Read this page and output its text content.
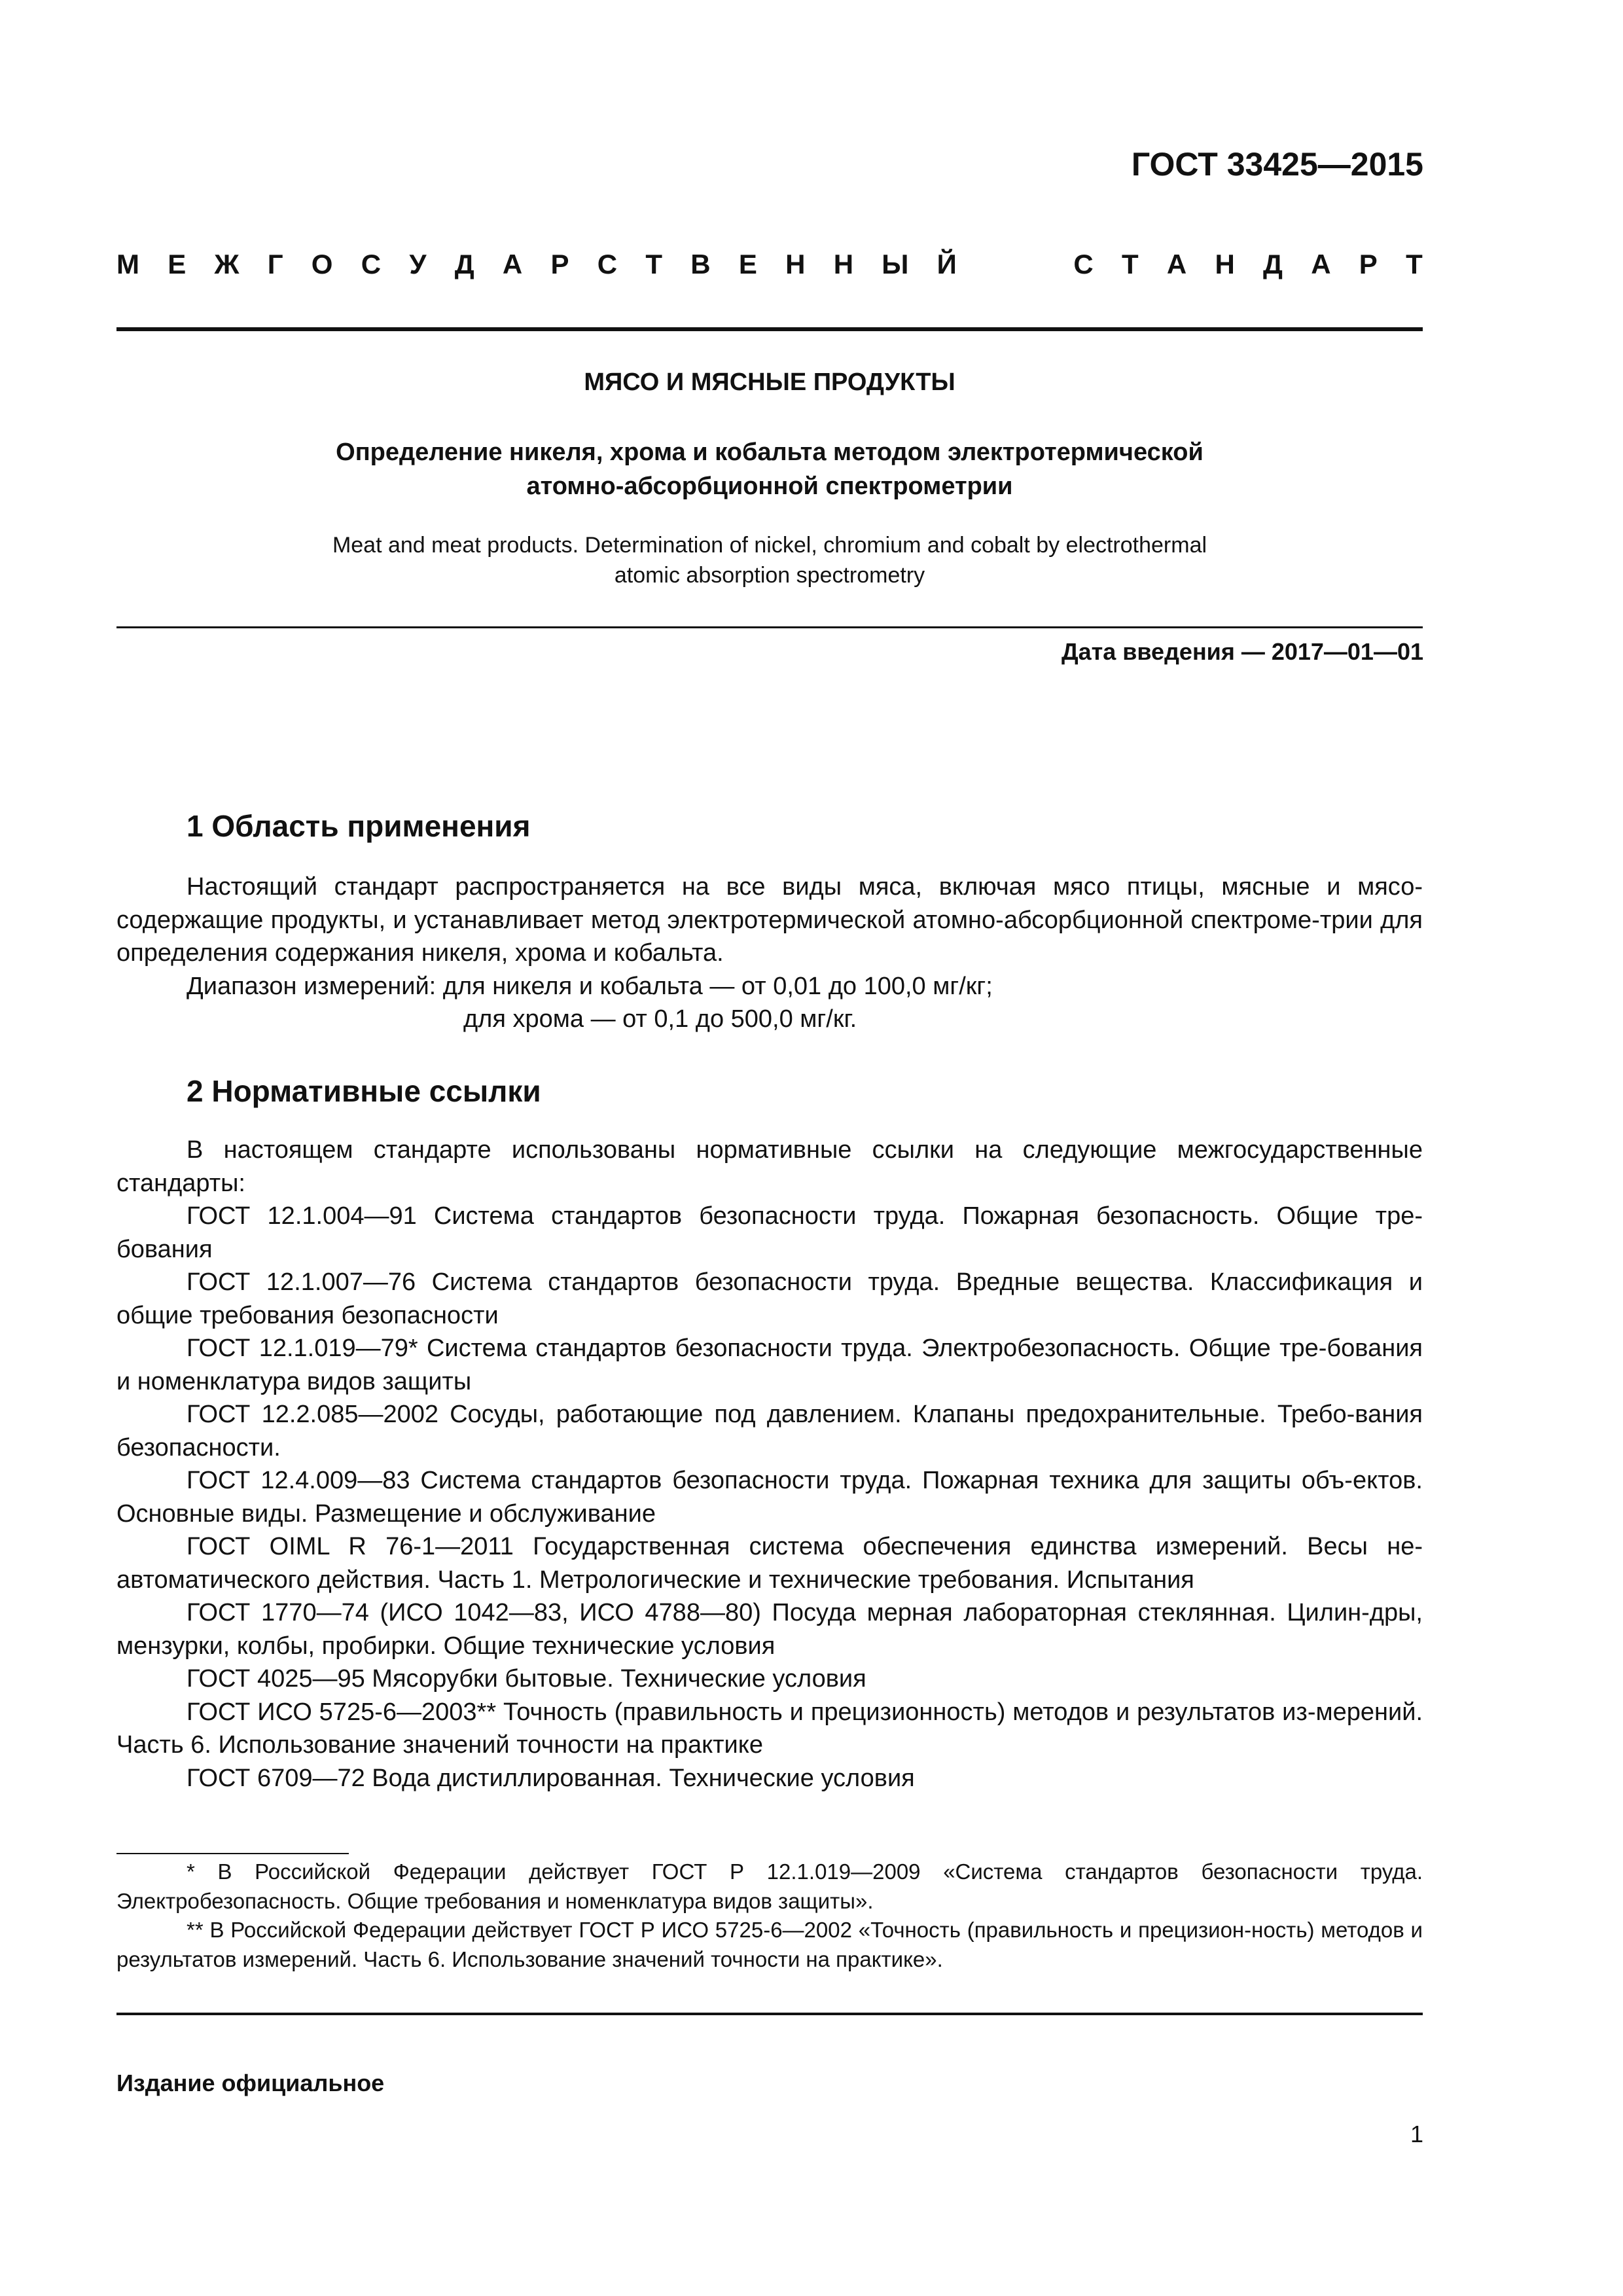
ГОСТ 33425—2015
М Е Ж Г О С У Д А Р С Т В Е Н Н Ы Й	С Т А Н Д А Р Т
МЯСО И МЯСНЫЕ ПРОДУКТЫ
Определение никеля, хрома и кобальта методом электротермической
атомно-абсорбционной спектрометрии
Meat and meat products. Determination of nickel, chromium and cobalt by electrothermal
atomic absorption spectrometry
Дата введения — 2017—01—01
1 Область применения

Настоящий стандарт распространяется на все виды мяса, включая мясо птицы, мясные и мясо-содержащие продукты, и устанавливает метод электротермической атомно-абсорбционной спектроме-трии для определения содержания никеля, хрома и кобальта.

Диапазон измерений: для никеля и кобальта — от 0,01 до 100,0 мг/кг;

для хрома — от 0,1 до 500,0 мг/кг.

2 Нормативные ссылки

В настоящем стандарте использованы нормативные ссылки на следующие межгосударственные стандарты:

ГОСТ 12.1.004—91 Система стандартов безопасности труда. Пожарная безопасность. Общие тре-бования

ГОСТ 12.1.007—76 Система стандартов безопасности труда. Вредные вещества. Классификация и общие требования безопасности

ГОСТ 12.1.019—79* Система стандартов безопасности труда. Электробезопасность. Общие тре-бования и номенклатура видов защиты

ГОСТ 12.2.085—2002 Сосуды, работающие под давлением. Клапаны предохранительные. Требо-вания безопасности.

ГОСТ 12.4.009—83 Система стандартов безопасности труда. Пожарная техника для защиты объ-ектов. Основные виды. Размещение и обслуживание

ГОСТ OIML R 76-1—2011 Государственная система обеспечения единства измерений. Весы не-автоматического действия. Часть 1. Метрологические и технические требования. Испытания

ГОСТ 1770—74 (ИСО 1042—83, ИСО 4788—80) Посуда мерная лабораторная стеклянная. Цилин-дры, мензурки, колбы, пробирки. Общие технические условия

ГОСТ 4025—95 Мясорубки бытовые. Технические условия

ГОСТ ИСО 5725-6—2003** Точность (правильность и прецизионность) методов и результатов из-мерений. Часть 6. Использование значений точности на практике

ГОСТ 6709—72 Вода дистиллированная. Технические условия

* В Российской Федерации действует ГОСТ Р 12.1.019—2009 «Система стандартов безопасности труда. Электробезопасность. Общие требования и номенклатура видов защиты».

** В Российской Федерации действует ГОСТ Р ИСО 5725-6—2002 «Точность (правильность и прецизион-ность) методов и результатов измерений. Часть 6. Использование значений точности на практике».

Издание официальное
1
